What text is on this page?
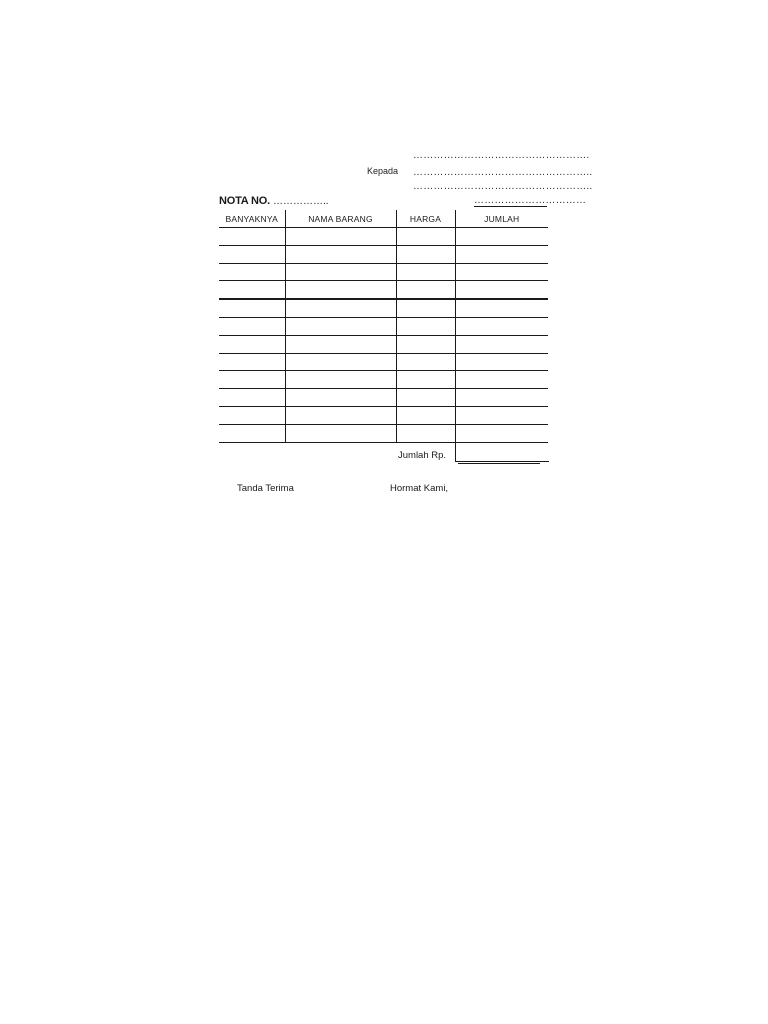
…………………………………………….
Kepada ……………………………………………..
……………………………………………..
……………………………
NOTA NO. ……………..
BANYAKNYA	NAMA BARANG	HARGA	JUMLAH

Jumlah Rp.
Tanda Terima	Hormat Kami,
